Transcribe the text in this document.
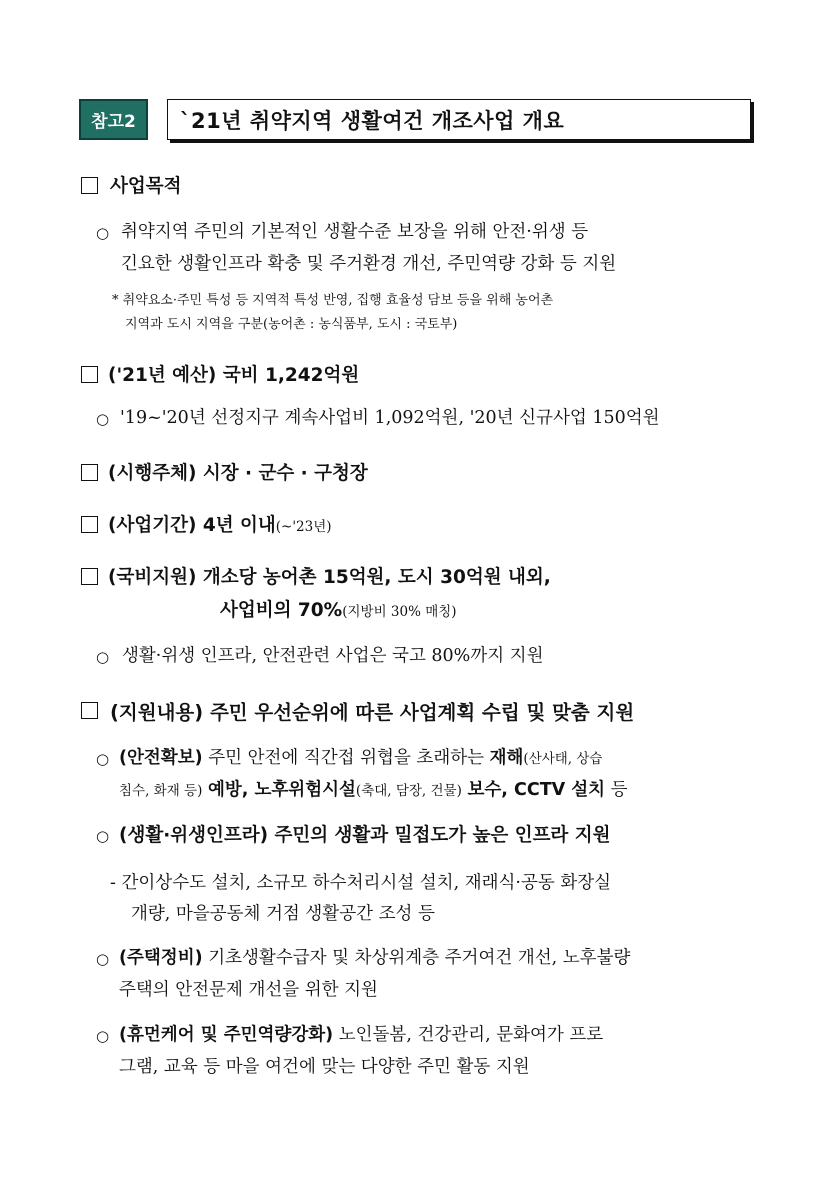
참고2	`21년 취약지역 생활여건 개조사업 개요
사업목적
○ 취약지역 주민의 기본적인 생활수준 보장을 위해 안전·위생 등
긴요한 생활인프라 확충 및 주거환경 개선, 주민역량 강화 등 지원
* 취약요소·주민 특성 등 지역적 특성 반영, 집행 효율성 담보 등을 위해 농어촌
지역과 도시 지역을 구분(농어촌 : 농식품부, 도시 : 국토부)
('21년 예산) 국비 1,242억원
○ '19~'20년 선정지구 계속사업비 1,092억원, '20년 신규사업 150억원
(시행주체) 시장 · 군수 · 구청장
(사업기간) 4년 이내(~'23년)
(국비지원) 개소당 농어촌 15억원, 도시 30억원 내외,
사업비의 70%(지방비 30% 매칭)
○ 생활·위생 인프라, 안전관련 사업은 국고 80%까지 지원
(지원내용) 주민 우선순위에 따른 사업계획 수립 및 맞춤 지원
○ (안전확보) 주민 안전에 직간접 위협을 초래하는 재해(산사태, 상습
침수, 화재 등) 예방, 노후위험시설(축대, 담장, 건물) 보수, CCTV 설치 등
○ (생활·위생인프라) 주민의 생활과 밀접도가 높은 인프라 지원
- 간이상수도 설치, 소규모 하수처리시설 설치, 재래식·공동 화장실
개량, 마을공동체 거점 생활공간 조성 등
○ (주택정비) 기초생활수급자 및 차상위계층 주거여건 개선, 노후불량
주택의 안전문제 개선을 위한 지원
○ (휴먼케어 및 주민역량강화) 노인돌봄, 건강관리, 문화여가 프로
그램, 교육 등 마을 여건에 맞는 다양한 주민 활동 지원
